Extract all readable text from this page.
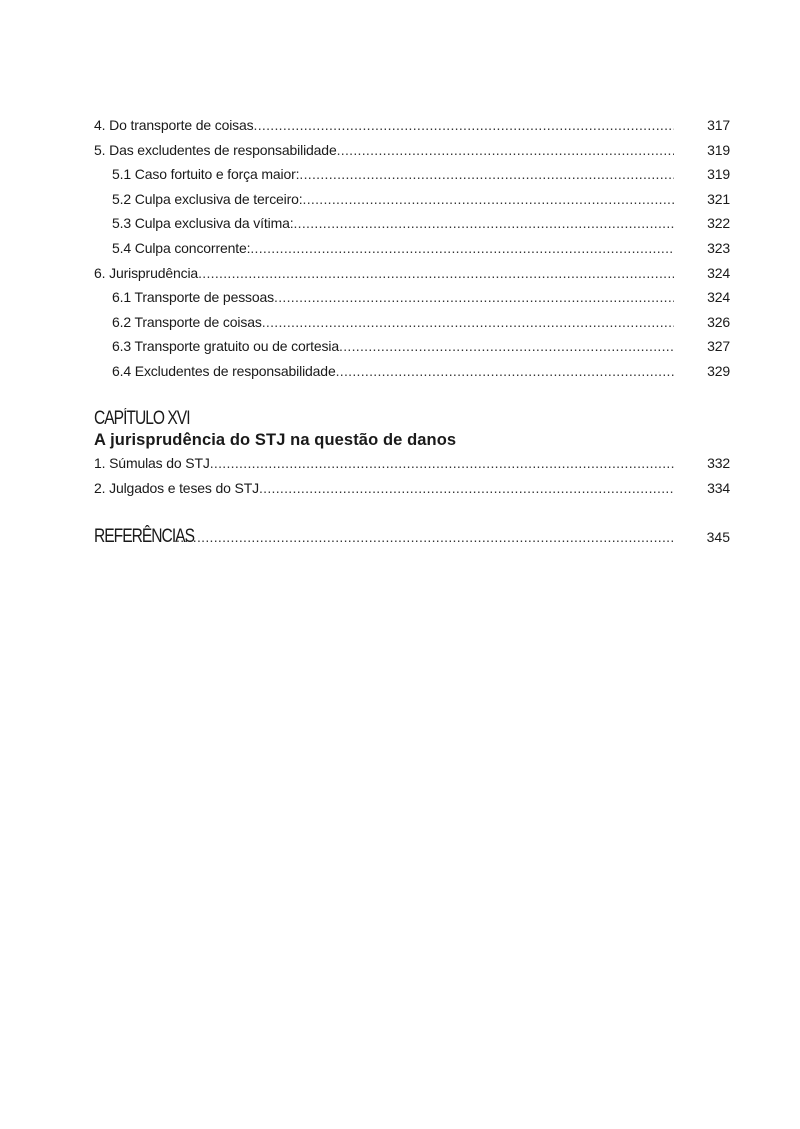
4. Do transporte de coisas .....	317
5. Das excludentes de responsabilidade .....	319
5.1 Caso fortuito e força maior: .....	319
5.2 Culpa exclusiva de terceiro: .....	321
5.3 Culpa exclusiva da vítima: .....	322
5.4 Culpa concorrente: .....	323
6. Jurisprudência .....	324
6.1 Transporte de pessoas .....	324
6.2 Transporte de coisas .....	326
6.3 Transporte gratuito ou de cortesia .....	327
6.4 Excludentes de responsabilidade .....	329
CAPÍTULO XVI
A jurisprudência do STJ na questão de danos
1. Súmulas do STJ .....	332
2. Julgados e teses do STJ .....	334
REFERÊNCIAS .....	345
